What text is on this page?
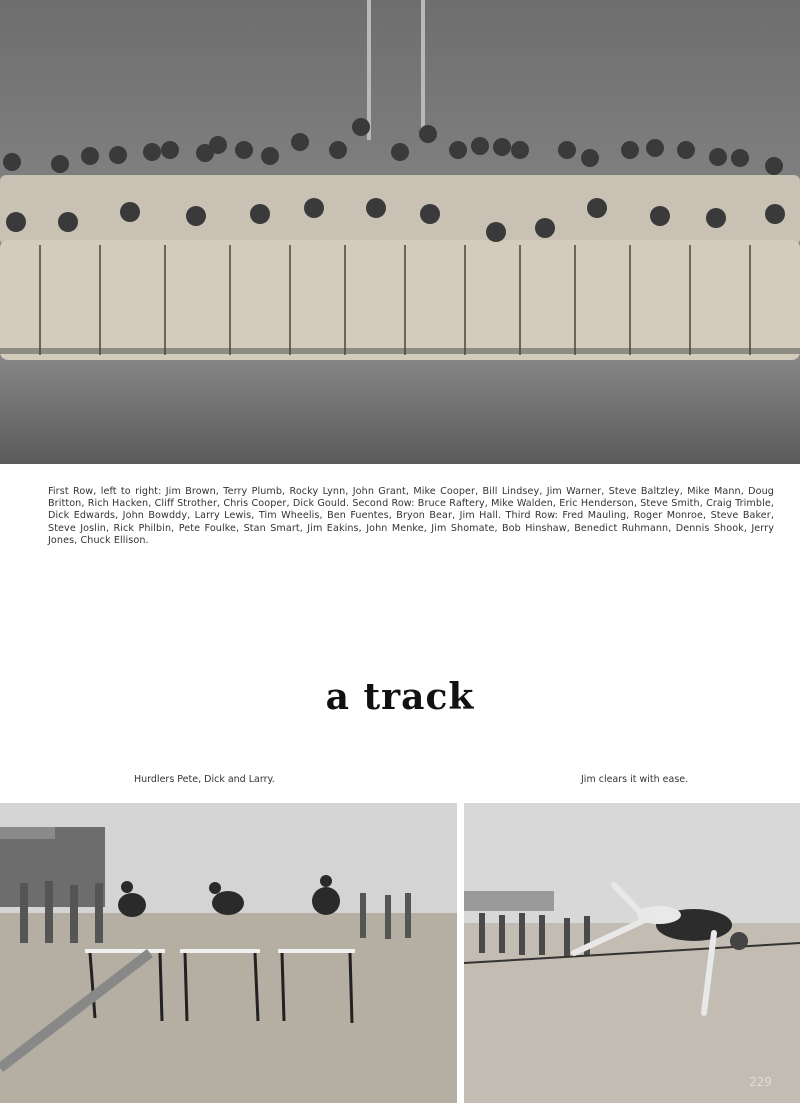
First Row, left to right: Jim Brown, Terry Plumb, Rocky Lynn, John Grant, Mike Cooper, Bill Lindsey, Jim Warner, Steve Baltzley, Mike Mann, Doug Britton, Rich Hacken, Cliff Strother, Chris Cooper, Dick Gould. Second Row: Bruce Raftery, Mike Walden, Eric Henderson, Steve Smith, Craig Trimble, Dick Edwards, John Bowddy, Larry Lewis, Tim Wheelis, Ben Fuentes, Bryon Bear, Jim Hall. Third Row: Fred Mauling, Roger Monroe, Steve Baker, Steve Joslin, Rick Philbin, Pete Foulke, Stan Smart, Jim Eakins, John Menke, Jim Shomate, Bob Hinshaw, Benedict Ruhmann, Dennis Shook, Jerry Jones, Chuck Ellison.
a track
Hurdlers Pete, Dick and Larry.	Jim clears it with ease.
229
